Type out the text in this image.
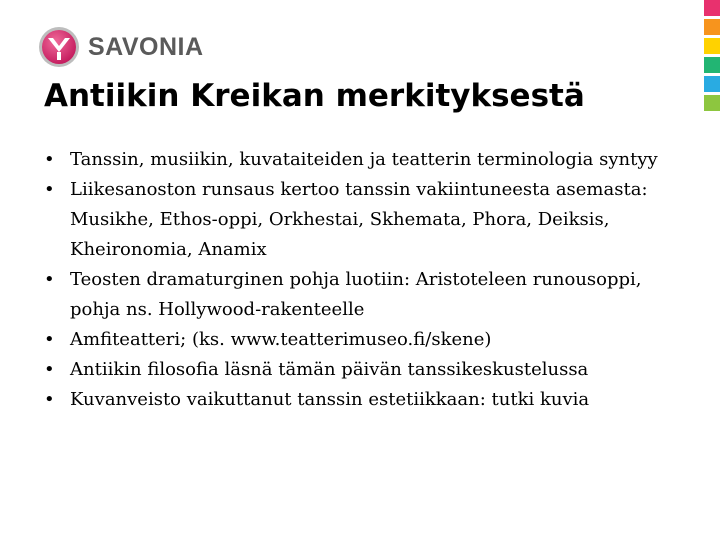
SAVONIA
Antiikin Kreikan merkityksestä
• Tanssin, musiikin, kuvataiteiden ja teatterin terminologia syntyy
• Liikesanoston runsaus kertoo tanssin vakiintuneesta asemasta: Musikhe, Ethos-oppi, Orkhestai, Skhemata, Phora, Deiksis, Kheironomia, Anamix
• Teosten dramaturginen pohja luotiin: Aristoteleen runousoppi, pohja ns. Hollywood-rakenteelle
• Amfiteatteri; (ks. www.teatterimuseo.fi/skene)
• Antiikin filosofia läsnä tämän päivän tanssikeskustelussa
• Kuvanveisto vaikuttanut tanssin estetiikkaan: tutki kuvia
